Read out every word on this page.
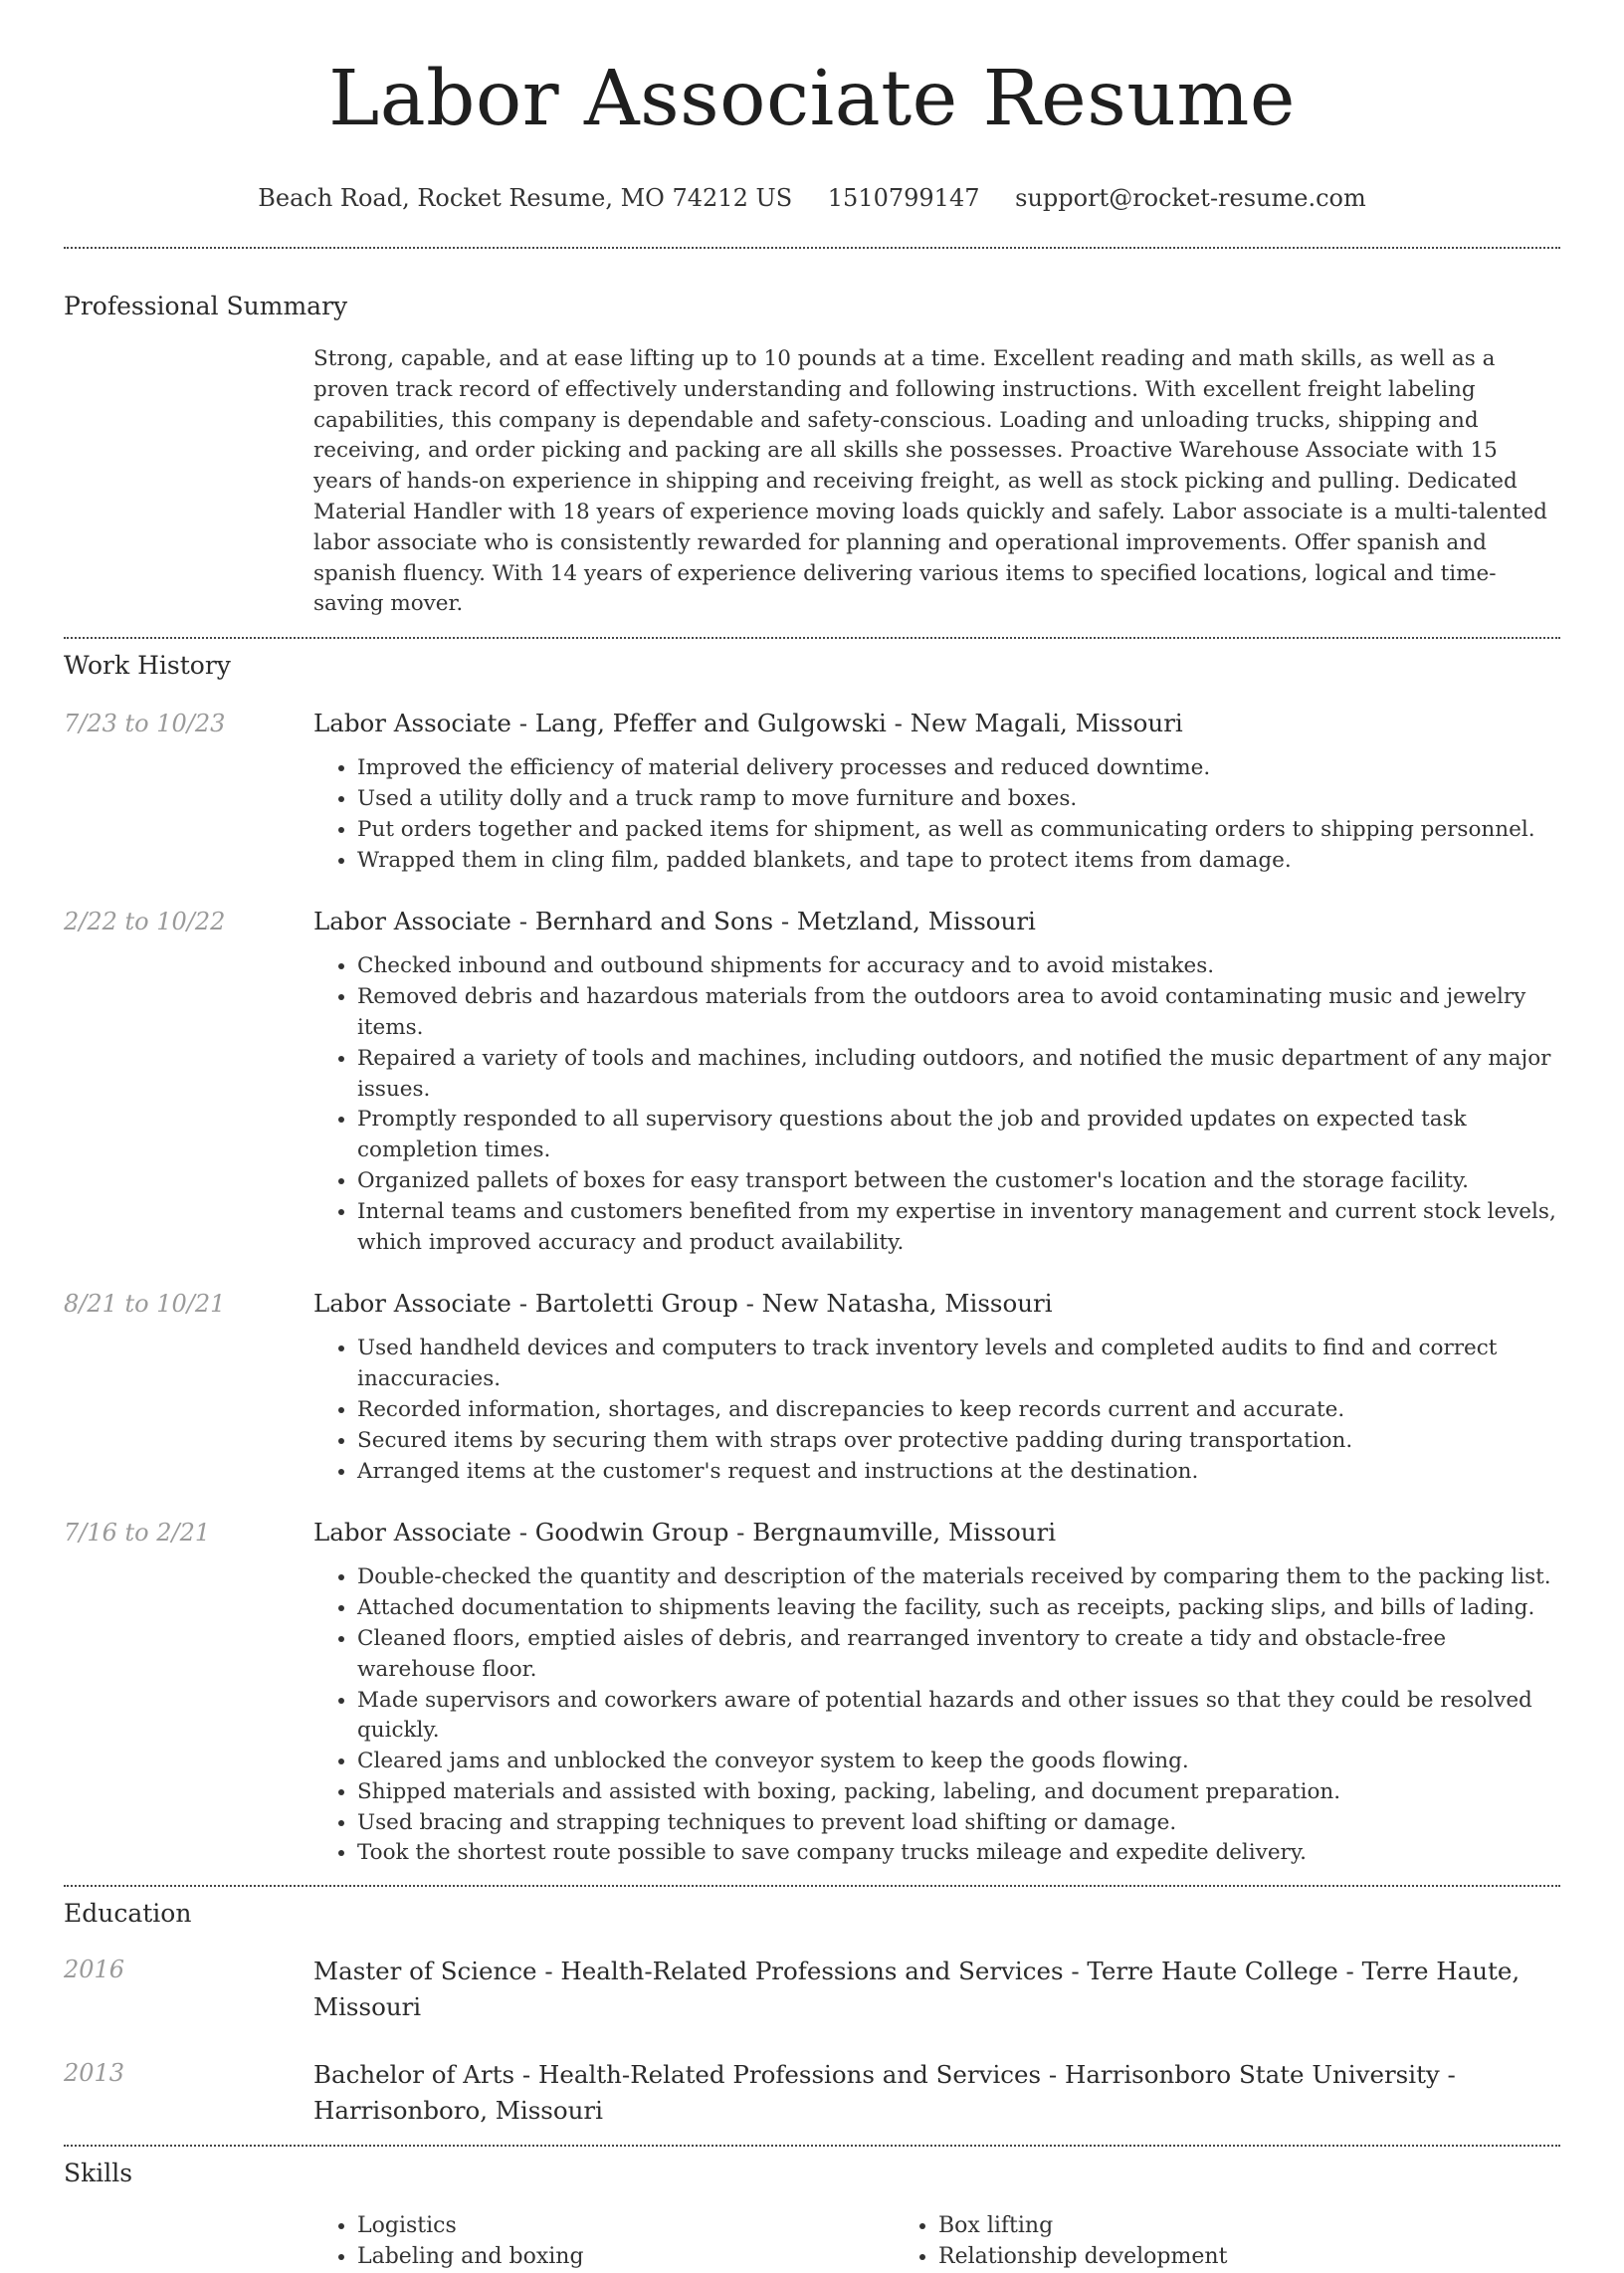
Labor Associate Resume
Beach Road, Rocket Resume, MO 74212 US 1510799147 support@rocket-resume.com
Professional Summary
Strong, capable, and at ease lifting up to 10 pounds at a time. Excellent reading and math skills, as well as a proven track record of effectively understanding and following instructions. With excellent freight labeling capabilities, this company is dependable and safety-conscious. Loading and unloading trucks, shipping and receiving, and order picking and packing are all skills she possesses. Proactive Warehouse Associate with 15 years of hands-on experience in shipping and receiving freight, as well as stock picking and pulling. Dedicated Material Handler with 18 years of experience moving loads quickly and safely. Labor associate is a multi-talented labor associate who is consistently rewarded for planning and operational improvements. Offer spanish and spanish fluency. With 14 years of experience delivering various items to specified locations, logical and time-saving mover.
Work History
7/23 to 10/23	Labor Associate - Lang, Pfeffer and Gulgowski - New Magali, Missouri
• Improved the efficiency of material delivery processes and reduced downtime.
• Used a utility dolly and a truck ramp to move furniture and boxes.
• Put orders together and packed items for shipment, as well as communicating orders to shipping personnel.
• Wrapped them in cling film, padded blankets, and tape to protect items from damage.
2/22 to 10/22	Labor Associate - Bernhard and Sons - Metzland, Missouri
• Checked inbound and outbound shipments for accuracy and to avoid mistakes.
• Removed debris and hazardous materials from the outdoors area to avoid contaminating music and jewelry items.
• Repaired a variety of tools and machines, including outdoors, and notified the music department of any major issues.
• Promptly responded to all supervisory questions about the job and provided updates on expected task completion times.
• Organized pallets of boxes for easy transport between the customer's location and the storage facility.
• Internal teams and customers benefited from my expertise in inventory management and current stock levels, which improved accuracy and product availability.
8/21 to 10/21	Labor Associate - Bartoletti Group - New Natasha, Missouri
• Used handheld devices and computers to track inventory levels and completed audits to find and correct inaccuracies.
• Recorded information, shortages, and discrepancies to keep records current and accurate.
• Secured items by securing them with straps over protective padding during transportation.
• Arranged items at the customer's request and instructions at the destination.
7/16 to 2/21	Labor Associate - Goodwin Group - Bergnaumville, Missouri
• Double-checked the quantity and description of the materials received by comparing them to the packing list.
• Attached documentation to shipments leaving the facility, such as receipts, packing slips, and bills of lading.
• Cleaned floors, emptied aisles of debris, and rearranged inventory to create a tidy and obstacle-free warehouse floor.
• Made supervisors and coworkers aware of potential hazards and other issues so that they could be resolved quickly.
• Cleared jams and unblocked the conveyor system to keep the goods flowing.
• Shipped materials and assisted with boxing, packing, labeling, and document preparation.
• Used bracing and strapping techniques to prevent load shifting or damage.
• Took the shortest route possible to save company trucks mileage and expedite delivery.
Education
2016	Master of Science - Health-Related Professions and Services - Terre Haute College - Terre Haute, Missouri
2013	Bachelor of Arts - Health-Related Professions and Services - Harrisonboro State University - Harrisonboro, Missouri
Skills
• Logistics
• Labeling and boxing
• Box lifting
• Relationship development
